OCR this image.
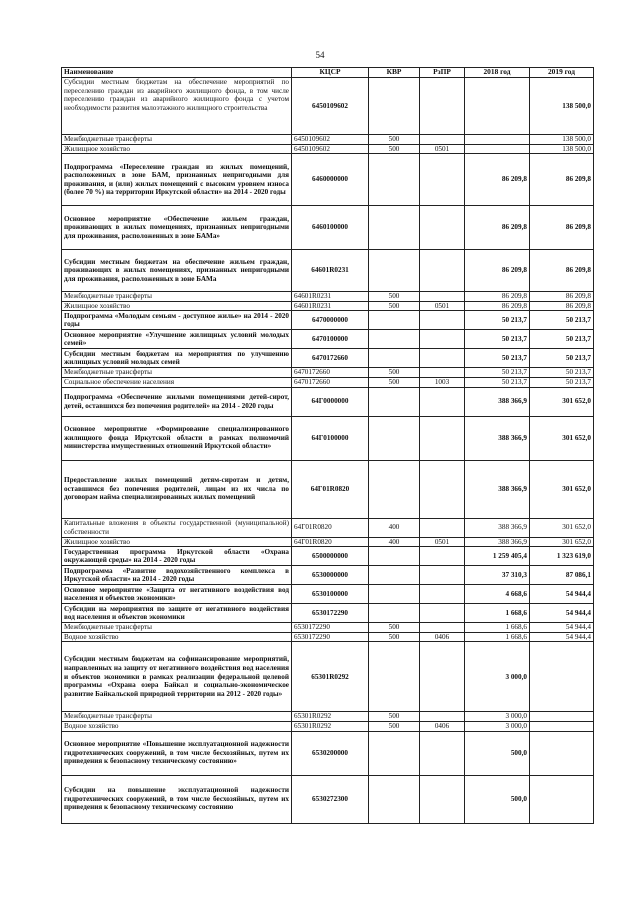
54
Наименование	КЦСР	КВР	РзПР	2018 год	2019 год
Субсидии местным бюджетам на обеспечение мероприятий по переселению граждан из аварийного жилищного фонда, в том числе переселению граждан из аварийного жилищного фонда с учетом необходимости развития малоэтажного жилищного строительства	6450109602				138 500,0
Межбюджетные трансферты	6450109602	500			138 500,0
Жилищное хозяйство	6450109602	500	0501		138 500,0
Подпрограмма «Переселение граждан из жилых помещений, расположенных в зоне БАМ, признанных непригодными для проживания, и (или) жилых помещений с высоким уровнем износа (более 70 %) на территории Иркутской области» на 2014 - 2020 годы	6460000000			86 209,8	86 209,8
Основное мероприятие «Обеспечение жильем граждан, проживающих в жилых помещениях, признанных непригодными для проживания, расположенных в зоне БАМа»	6460100000			86 209,8	86 209,8
Субсидии местным бюджетам на обеспечение жильем граждан, проживающих в жилых помещениях, признанных непригодными для проживания, расположенных в зоне БАМа	64601R0231			86 209,8	86 209,8
Межбюджетные трансферты	64601R0231	500		86 209,8	86 209,8
Жилищное хозяйство	64601R0231	500	0501	86 209,8	86 209,8
Подпрограмма «Молодым семьям - доступное жилье» на 2014 - 2020 годы	6470000000			50 213,7	50 213,7
Основное мероприятие «Улучшение жилищных условий молодых семей»	6470100000			50 213,7	50 213,7
Субсидии местным бюджетам на мероприятия по улучшению жилищных условий молодых семей	6470172660			50 213,7	50 213,7
Межбюджетные трансферты	6470172660	500		50 213,7	50 213,7
Социальное обеспечение населения	6470172660	500	1003	50 213,7	50 213,7
Подпрограмма «Обеспечение жилыми помещениями детей-сирот, детей, оставшихся без попечения родителей» на 2014 - 2020 годы	64Г0000000			388 366,9	301 652,0
Основное мероприятие «Формирование специализированного жилищного фонда Иркутской области в рамках полномочий министерства имущественных отношений Иркутской области»	64Г0100000			388 366,9	301 652,0
Предоставление жилых помещений детям-сиротам и детям, оставшимся без попечения родителей, лицам из их числа по договорам найма специализированных жилых помещений	64Г01R0820			388 366,9	301 652,0
Капитальные вложения в объекты государственной (муниципальной) собственности	64Г01R0820	400		388 366,9	301 652,0
Жилищное хозяйство	64Г01R0820	400	0501	388 366,9	301 652,0
Государственная программа Иркутской области «Охрана окружающей среды» на 2014 - 2020 годы	6500000000			1 259 405,4	1 323 619,0
Подпрограмма «Развитие водохозяйственного комплекса в Иркутской области» на 2014 - 2020 годы	6530000000			37 310,3	87 086,1
Основное мероприятие «Защита от негативного воздействия вод населения и объектов экономики»	6530100000			4 668,6	54 944,4
Субсидии на мероприятия по защите от негативного воздействия вод населения и объектов экономики	6530172290			1 668,6	54 944,4
Межбюджетные трансферты	6530172290	500		1 668,6	54 944,4
Водное хозяйство	6530172290	500	0406	1 668,6	54 944,4
Субсидии местным бюджетам на софинансирование мероприятий, направленных на защиту от негативного воздействия вод населения и объектов экономики в рамках реализации федеральной целевой программы «Охрана озера Байкал и социально-экономическое развитие Байкальской природной территории на 2012 - 2020 годы»	65301R0292			3 000,0	
Межбюджетные трансферты	65301R0292	500		3 000,0	
Водное хозяйство	65301R0292	500	0406	3 000,0	
Основное мероприятие «Повышение эксплуатационной надежности гидротехнических сооружений, в том числе бесхозяйных, путем их приведения к безопасному техническому состоянию»	6530200000			500,0	
Субсидии на повышение эксплуатационной надежности гидротехнических сооружений, в том числе бесхозяйных, путем их приведения к безопасному техническому состоянию	6530272300			500,0	
